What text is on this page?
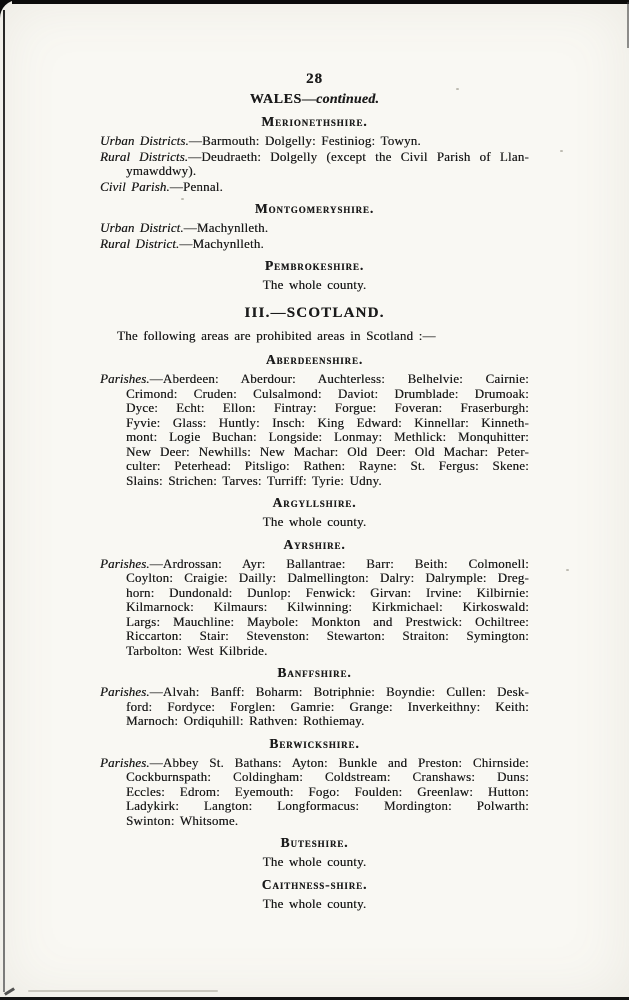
28
WALES—continued.
Merionethshire.
Urban Districts.—Barmouth: Dolgelly: Festiniog: Towyn.
Rural Districts.—Deudraeth: Dolgelly (except the Civil Parish of Llan-
ymawddwy).
Civil Parish.—Pennal.
Montgomeryshire.
Urban District.—Machynlleth.
Rural District.—Machynlleth.
Pembrokeshire.
The whole county.
III.—SCOTLAND.
The following areas are prohibited areas in Scotland :—
Aberdeenshire.
Parishes.—Aberdeen: Aberdour: Auchterless: Belhelvie: Cairnie:
Crimond: Cruden: Culsalmond: Daviot: Drumblade: Drumoak:
Dyce: Echt: Ellon: Fintray: Forgue: Foveran: Fraserburgh:
Fyvie: Glass: Huntly: Insch: King Edward: Kinnellar: Kinneth-
mont: Logie Buchan: Longside: Lonmay: Methlick: Monquhitter:
New Deer: Newhills: New Machar: Old Deer: Old Machar: Peter-
culter: Peterhead: Pitsligo: Rathen: Rayne: St. Fergus: Skene:
Slains: Strichen: Tarves: Turriff: Tyrie: Udny.
Argyllshire.
The whole county.
Ayrshire.
Parishes.—Ardrossan: Ayr: Ballantrae: Barr: Beith: Colmonell:
Coylton: Craigie: Dailly: Dalmellington: Dalry: Dalrymple: Dreg-
horn: Dundonald: Dunlop: Fenwick: Girvan: Irvine: Kilbirnie:
Kilmarnock: Kilmaurs: Kilwinning: Kirkmichael: Kirkoswald:
Largs: Mauchline: Maybole: Monkton and Prestwick: Ochiltree:
Riccarton: Stair: Stevenston: Stewarton: Straiton: Symington:
Tarbolton: West Kilbride.
Banffshire.
Parishes.—Alvah: Banff: Boharm: Botriphnie: Boyndie: Cullen: Desk-
ford: Fordyce: Forglen: Gamrie: Grange: Inverkeithny: Keith:
Marnoch: Ordiquhill: Rathven: Rothiemay.
Berwickshire.
Parishes.—Abbey St. Bathans: Ayton: Bunkle and Preston: Chirnside:
Cockburnspath: Coldingham: Coldstream: Cranshaws: Duns:
Eccles: Edrom: Eyemouth: Fogo: Foulden: Greenlaw: Hutton:
Ladykirk: Langton: Longformacus: Mordington: Polwarth:
Swinton: Whitsome.
Buteshire.
The whole county.
Caithness-shire.
The whole county.
